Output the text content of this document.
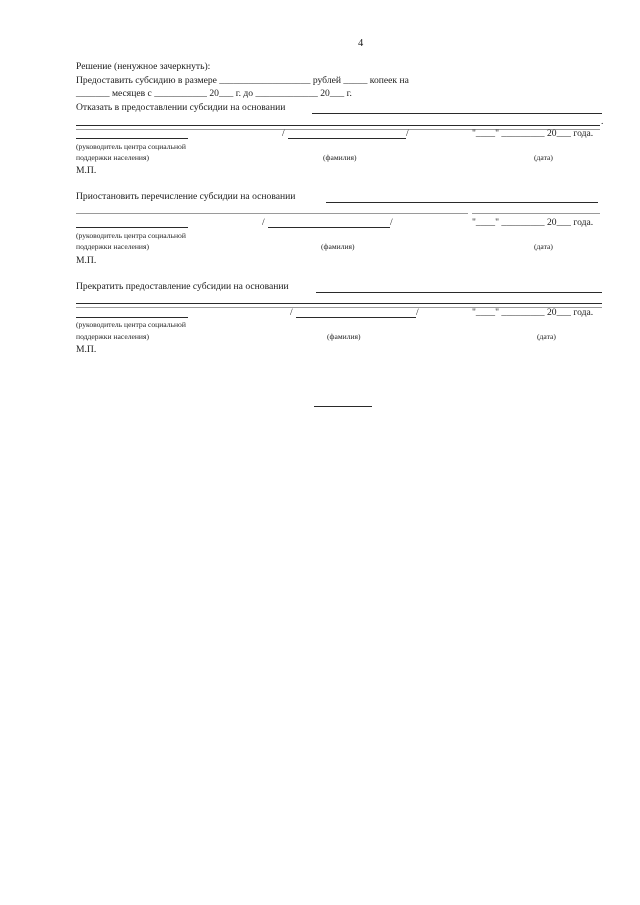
4
Решение (ненужное зачеркнуть):
Предоставить субсидию в размере ___________________ рублей _____ копеек на
_______ месяцев с ___________ 20___ г. до _____________ 20___ г.
Отказать в предоставлении субсидии на основании
.
/	/	"____" _________ 20___ года.
(руководитель центра социальной
поддержки населения)	(фамилия)	(дата)
М.П.
Приостановить перечисление субсидии на основании
/	/	"____" _________ 20___ года.
(руководитель центра социальной
поддержки населения)	(фамилия)	(дата)
М.П.
Прекратить предоставление субсидии на основании
/	/	"____" _________ 20___ года.
(руководитель центра социальной
поддержки населения)	(фамилия)	(дата)
М.П.
